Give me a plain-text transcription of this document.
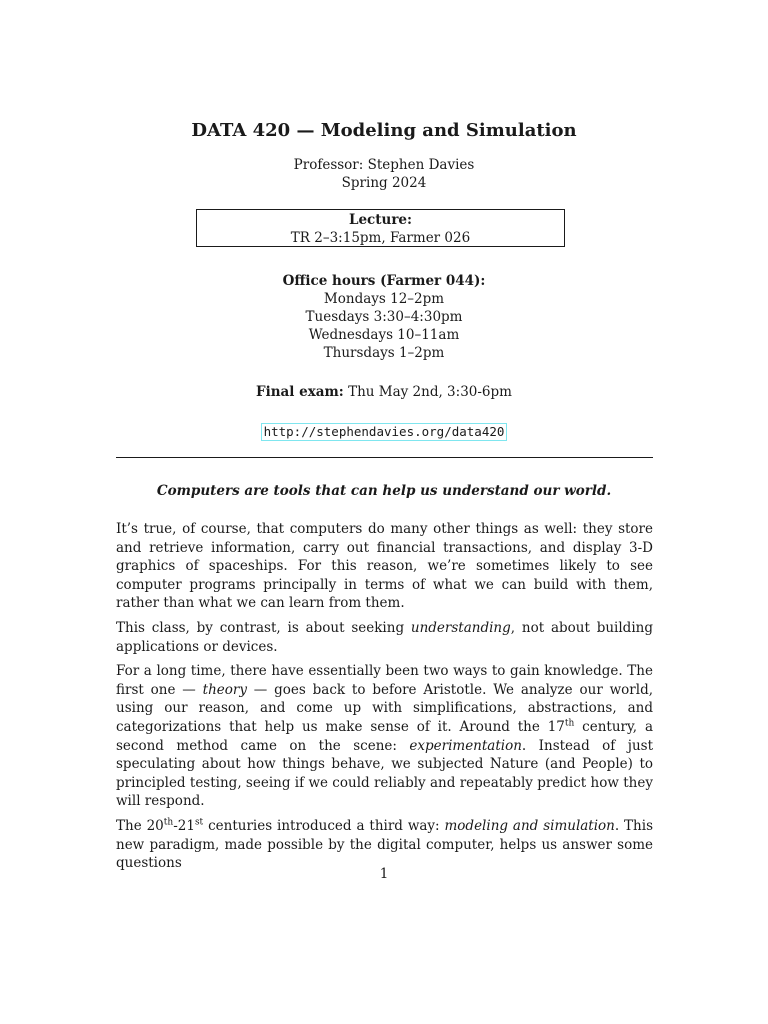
DATA 420 — Modeling and Simulation
Professor: Stephen Davies
Spring 2024
Lecture:
TR 2–3:15pm, Farmer 026
Office hours (Farmer 044):
Mondays 12–2pm
Tuesdays 3:30–4:30pm
Wednesdays 10–11am
Thursdays 1–2pm
Final exam: Thu May 2nd, 3:30-6pm
http://stephendavies.org/data420
Computers are tools that can help us understand our world.

It’s true, of course, that computers do many other things as well: they store and retrieve information, carry out financial transactions, and display 3-D graphics of spaceships. For this reason, we’re sometimes likely to see computer programs principally in terms of what we can build with them, rather than what we can learn from them.

This class, by contrast, is about seeking understanding, not about building applications or devices.

For a long time, there have essentially been two ways to gain knowledge. The first one — theory — goes back to before Aristotle. We analyze our world, using our reason, and come up with simplifications, abstractions, and categorizations that help us make sense of it. Around the 17th century, a second method came on the scene: experimentation. Instead of just speculating about how things behave, we subjected Nature (and People) to principled testing, seeing if we could reliably and repeatably predict how they will respond.

The 20th-21st centuries introduced a third way: modeling and simulation. This new paradigm, made possible by the digital computer, helps us answer some questions

1
